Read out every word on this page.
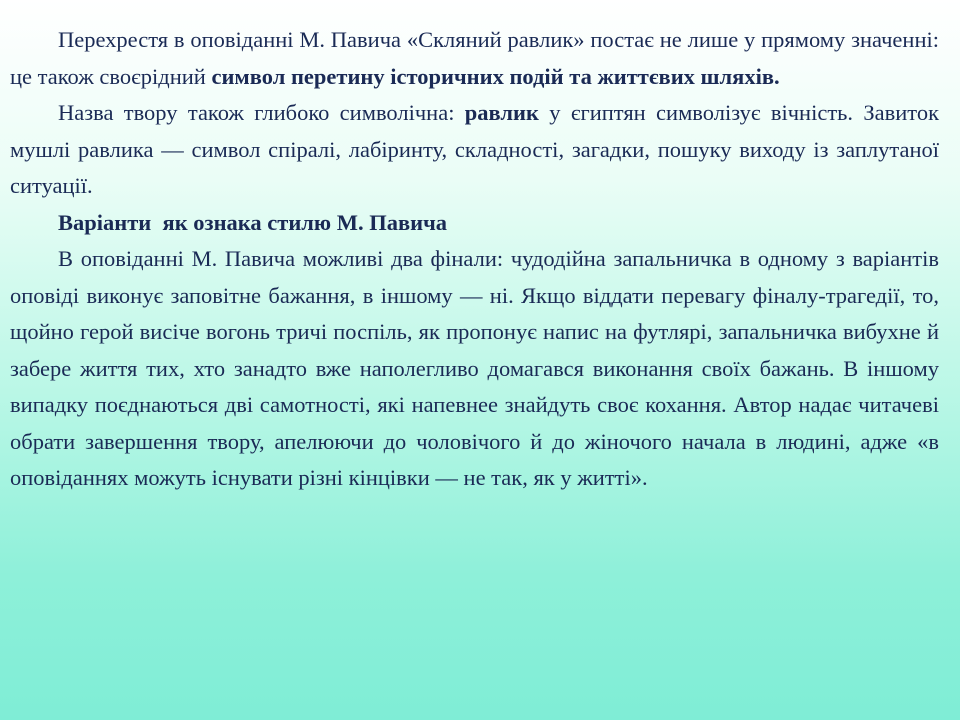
Перехрестя в оповіданні М. Павича «Скляний равлик» постає не лише у прямому значенні: це також своєрідний символ перетину історичних подій та життєвих шляхів.

Назва твору також глибоко символічна: равлик у єгиптян символізує вічність. Завиток мушлі равлика — символ спіралі, лабіринту, складності, загадки, пошуку виходу із заплутаної ситуації.

Варіанти як ознака стилю М. Павича

В оповіданні М. Павича можливі два фінали: чудодійна запальничка в одному з варіантів оповіді виконує заповітне бажання, в іншому — ні. Якщо віддати перевагу фіналу-трагедії, то, щойно герой висіче вогонь тричі поспіль, як пропонує напис на футлярі, запальничка вибухне й забере життя тих, хто занадто вже наполегливо домагався виконання своїх бажань. В іншому випадку поєднаються дві самотності, які напевнее знайдуть своє кохання. Автор надає читачеві обрати завершення твору, апелюючи до чоловічого й до жіночого начала в людині, адже «в оповіданнях можуть існувати різні кінцівки — не так, як у житті».
